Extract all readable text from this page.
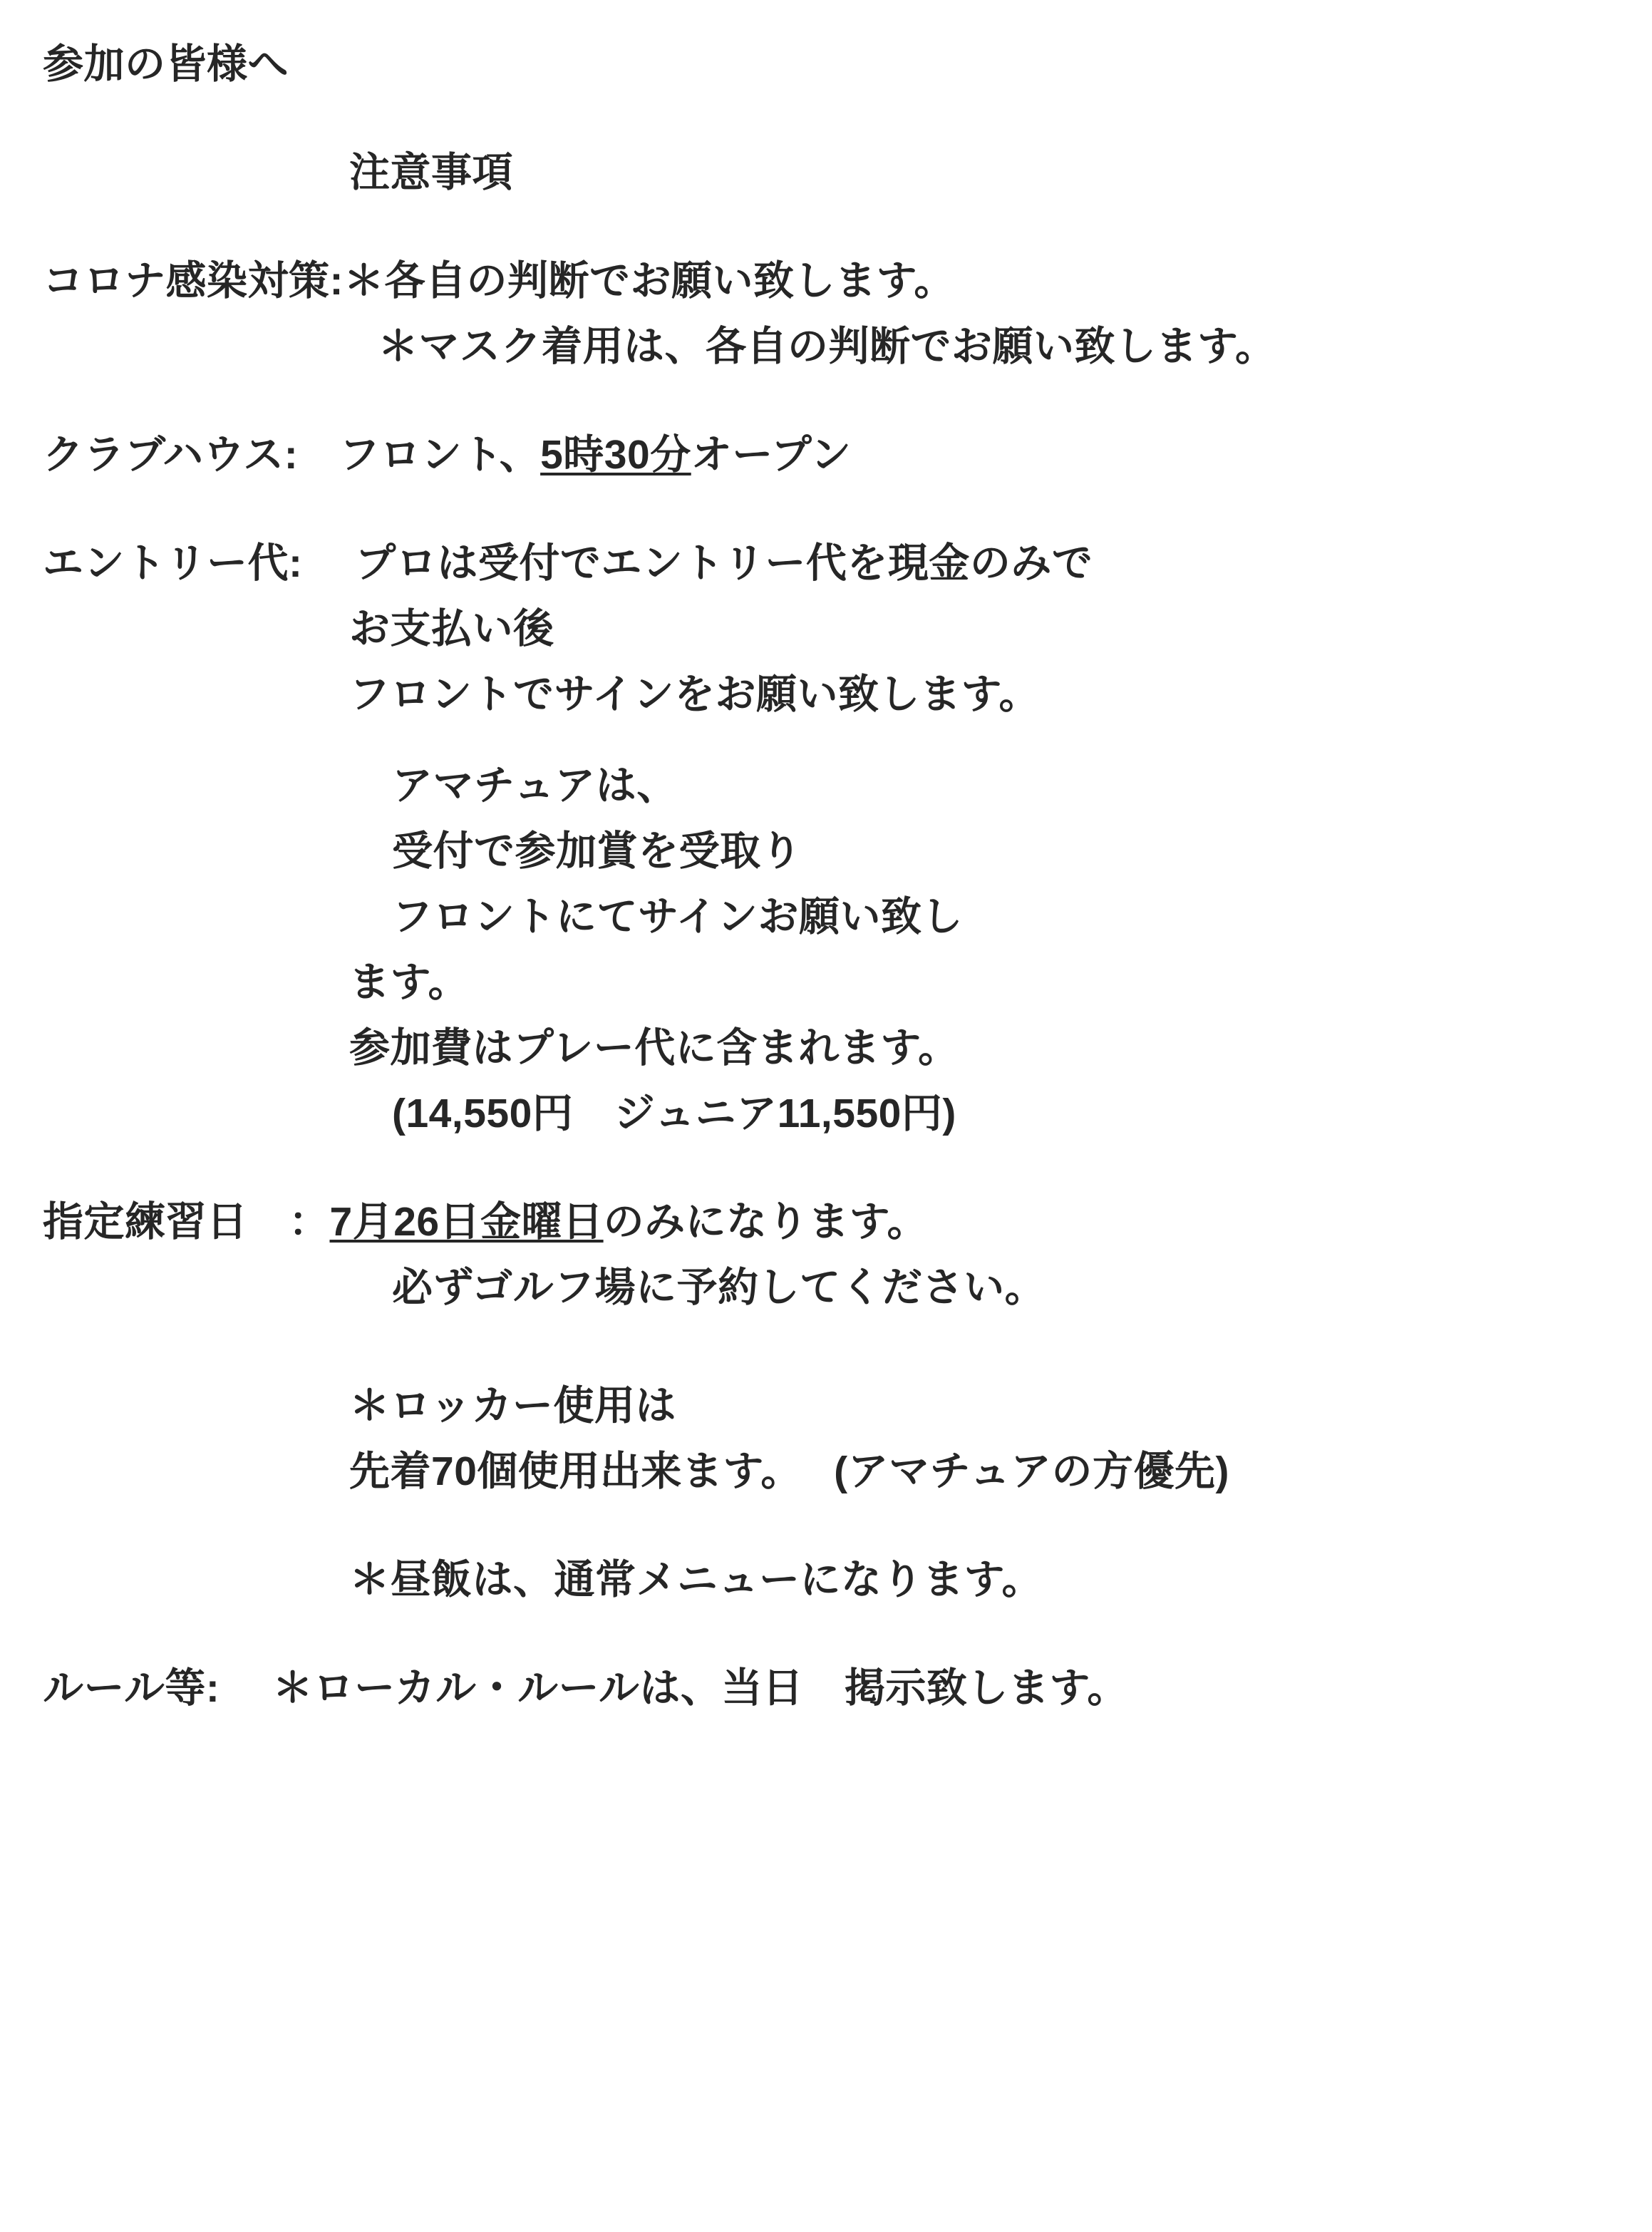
参加の皆様へ
注意事項
コロナ感染対策:＊各自の判断でお願い致します。
＊マスク着用は、各自の判断でお願い致します。
クラブハウス:　フロント、5時30分オープン
エントリー代:　 プロは受付でエントリー代を現金のみで
お支払い後
フロントでサインをお願い致します。
アマチュアは、
受付で参加賞を受取り
フロントにてサインお願い致し
ます。
参加費はプレー代に含まれます。
(14,550円　ジュニア11,550円)
指定練習日　：7月26日金曜日のみになります。
必ずゴルフ場に予約してください。
＊ロッカー使用は
先着70個使用出来ます。　 (アマチュアの方優先)
＊昼飯は、通常メニューになります。
ルール等:　 ＊ローカル・ルールは、当日　掲示致します。
